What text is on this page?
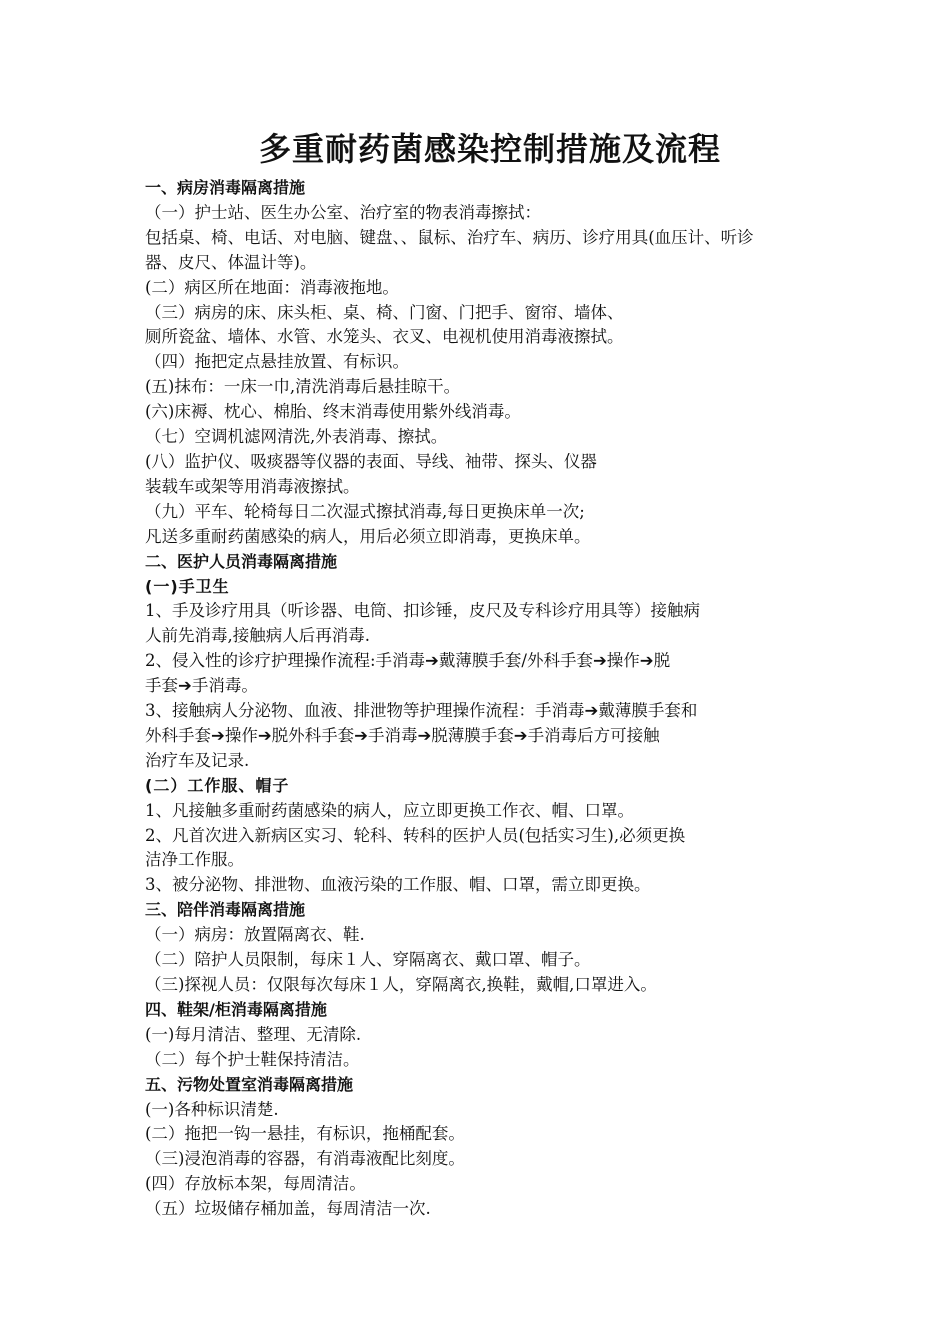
多重耐药菌感染控制措施及流程
一、病房消毒隔离措施
（一）护士站、医生办公室、治疗室的物表消毒擦拭：
包括桌、椅、电话、对电脑、键盘、、鼠标、治疗车、病历、诊疗用具(血压计、听诊
器、皮尺、体温计等)。
(二）病区所在地面：消毒液拖地。
（三）病房的床、床头柜、桌、椅、门窗、门把手、窗帘、墙体、
厕所瓷盆、墙体、水管、水笼头、衣叉、电视机使用消毒液擦拭。
（四）拖把定点悬挂放置、有标识。
(五)抹布：一床一巾,清洗消毒后悬挂晾干。
(六)床褥、枕心、棉胎、终末消毒使用紫外线消毒。
（七）空调机滤网清洗,外表消毒、擦拭。
(八）监护仪、吸痰器等仪器的表面、导线、袖带、探头、仪器
装载车或架等用消毒液擦拭。
（九）平车、轮椅每日二次湿式擦拭消毒,每日更换床单一次;
凡送多重耐药菌感染的病人，用后必须立即消毒，更换床单。
二、医护人员消毒隔离措施
(一)手卫生
1、手及诊疗用具（听诊器、电筒、扣诊锤，皮尺及专科诊疗用具等）接触病
人前先消毒,接触病人后再消毒.
2、侵入性的诊疗护理操作流程:手消毒➔戴薄膜手套/外科手套➔操作➔脱
手套➔手消毒。
3、接触病人分泌物、血液、排泄物等护理操作流程：手消毒➔戴薄膜手套和
外科手套➔操作➔脱外科手套➔手消毒➔脱薄膜手套➔手消毒后方可接触
治疗车及记录.
(二）工作服、帽子
1、凡接触多重耐药菌感染的病人，应立即更换工作衣、帽、口罩。
2、凡首次进入新病区实习、轮科、转科的医护人员(包括实习生),必须更换
洁净工作服。
3、被分泌物、排泄物、血液污染的工作服、帽、口罩，需立即更换。
三、陪伴消毒隔离措施
（一）病房：放置隔离衣、鞋.
（二）陪护人员限制，每床１人、穿隔离衣、戴口罩、帽子。
（三)探视人员：仅限每次每床１人，穿隔离衣,换鞋，戴帽,口罩进入。
四、鞋架/柜消毒隔离措施
(一)每月清洁、整理、无清除.
（二）每个护士鞋保持清洁。
五、污物处置室消毒隔离措施
(一)各种标识清楚.
(二）拖把一钩一悬挂，有标识，拖桶配套。
（三)浸泡消毒的容器，有消毒液配比刻度。
(四）存放标本架，每周清洁。
（五）垃圾储存桶加盖，每周清洁一次.
